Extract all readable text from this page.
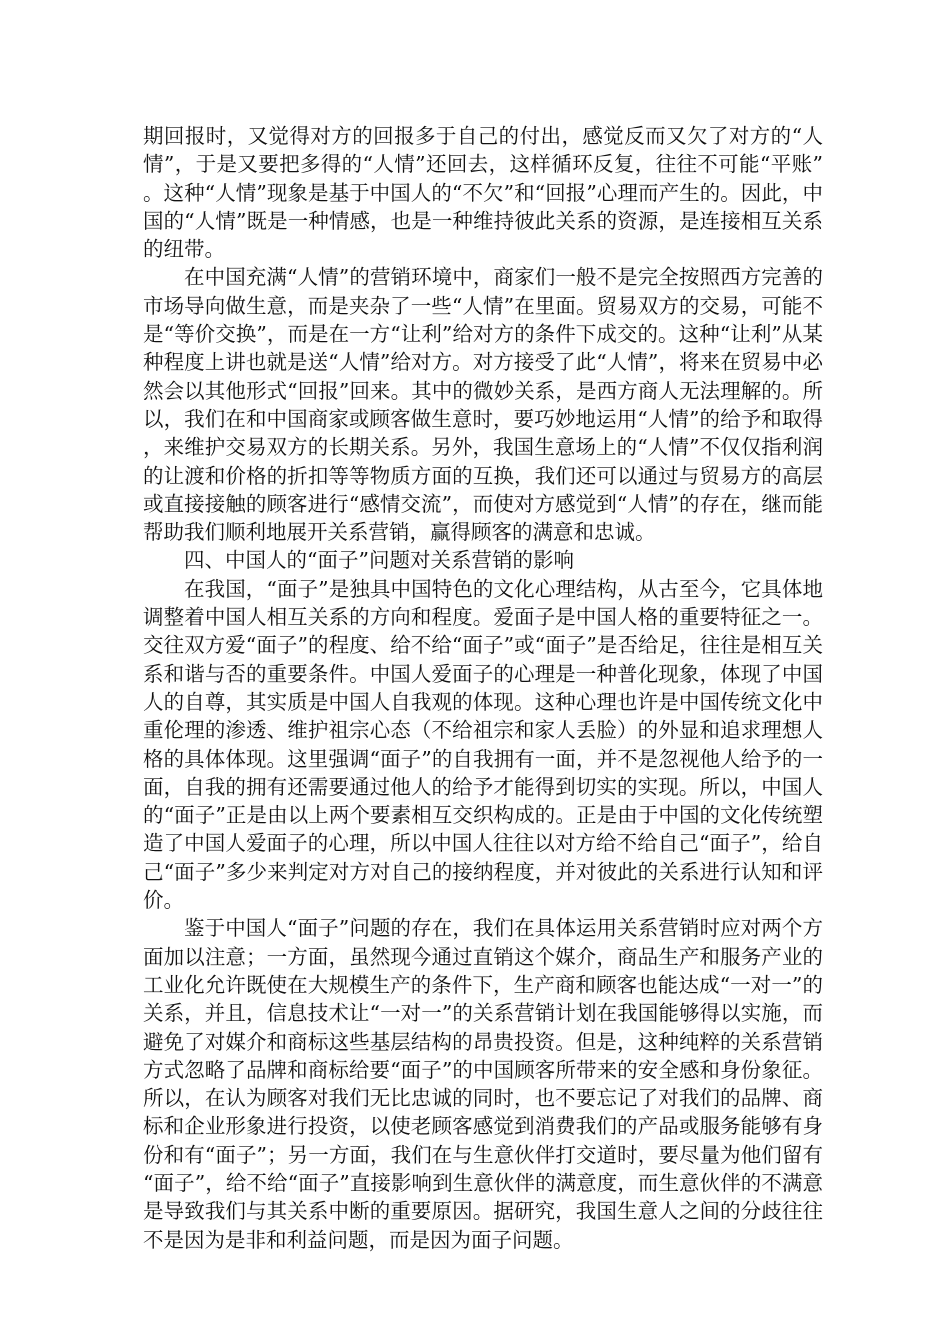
期回报时，又觉得对方的回报多于自己的付出，感觉反而又欠了对方的“人情”，于是又要把多得的“人情”还回去，这样循环反复，往往不可能“平账”。这种“人情”现象是基于中国人的“不欠”和“回报”心理而产生的。因此，中国的“人情”既是一种情感，也是一种维持彼此关系的资源，是连接相互关系的纽带。

在中国充满“人情”的营销环境中，商家们一般不是完全按照西方完善的市场导向做生意，而是夹杂了一些“人情”在里面。贸易双方的交易，可能不是“等价交换”，而是在一方“让利”给对方的条件下成交的。这种“让利”从某种程度上讲也就是送“人情”给对方。对方接受了此“人情”，将来在贸易中必然会以其他形式“回报”回来。其中的微妙关系，是西方商人无法理解的。所以，我们在和中国商家或顾客做生意时，要巧妙地运用“人情”的给予和取得，来维护交易双方的长期关系。另外，我国生意场上的“人情”不仅仅指利润的让渡和价格的折扣等等物质方面的互换，我们还可以通过与贸易方的高层或直接接触的顾客进行“感情交流”，而使对方感觉到“人情”的存在，继而能帮助我们顺利地展开关系营销，赢得顾客的满意和忠诚。

四、中国人的“面子”问题对关系营销的影响

在我国，“面子”是独具中国特色的文化心理结构，从古至今，它具体地调整着中国人相互关系的方向和程度。爱面子是中国人格的重要特征之一。交往双方爱“面子”的程度、给不给“面子”或“面子”是否给足，往往是相互关系和谐与否的重要条件。中国人爱面子的心理是一种普化现象，体现了中国人的自尊，其实质是中国人自我观的体现。这种心理也许是中国传统文化中重伦理的渗透、维护祖宗心态（不给祖宗和家人丢脸）的外显和追求理想人格的具体体现。这里强调“面子”的自我拥有一面，并不是忽视他人给予的一面，自我的拥有还需要通过他人的给予才能得到切实的实现。所以，中国人的“面子”正是由以上两个要素相互交织构成的。正是由于中国的文化传统塑造了中国人爱面子的心理，所以中国人往往以对方给不给自己“面子”，给自己“面子”多少来判定对方对自己的接纳程度，并对彼此的关系进行认知和评价。

鉴于中国人“面子”问题的存在，我们在具体运用关系营销时应对两个方面加以注意；一方面，虽然现今通过直销这个媒介，商品生产和服务产业的工业化允许既使在大规模生产的条件下，生产商和顾客也能达成“一对一”的关系，并且，信息技术让“一对一”的关系营销计划在我国能够得以实施，而避免了对媒介和商标这些基层结构的昂贵投资。但是，这种纯粹的关系营销方式忽略了品牌和商标给要“面子”的中国顾客所带来的安全感和身份象征。所以，在认为顾客对我们无比忠诚的同时，也不要忘记了对我们的品牌、商标和企业形象进行投资，以使老顾客感觉到消费我们的产品或服务能够有身份和有“面子”；另一方面，我们在与生意伙伴打交道时，要尽量为他们留有“面子”，给不给“面子”直接影响到生意伙伴的满意度，而生意伙伴的不满意是导致我们与其关系中断的重要原因。据研究，我国生意人之间的分歧往往不是因为是非和利益问题，而是因为面子问题。
